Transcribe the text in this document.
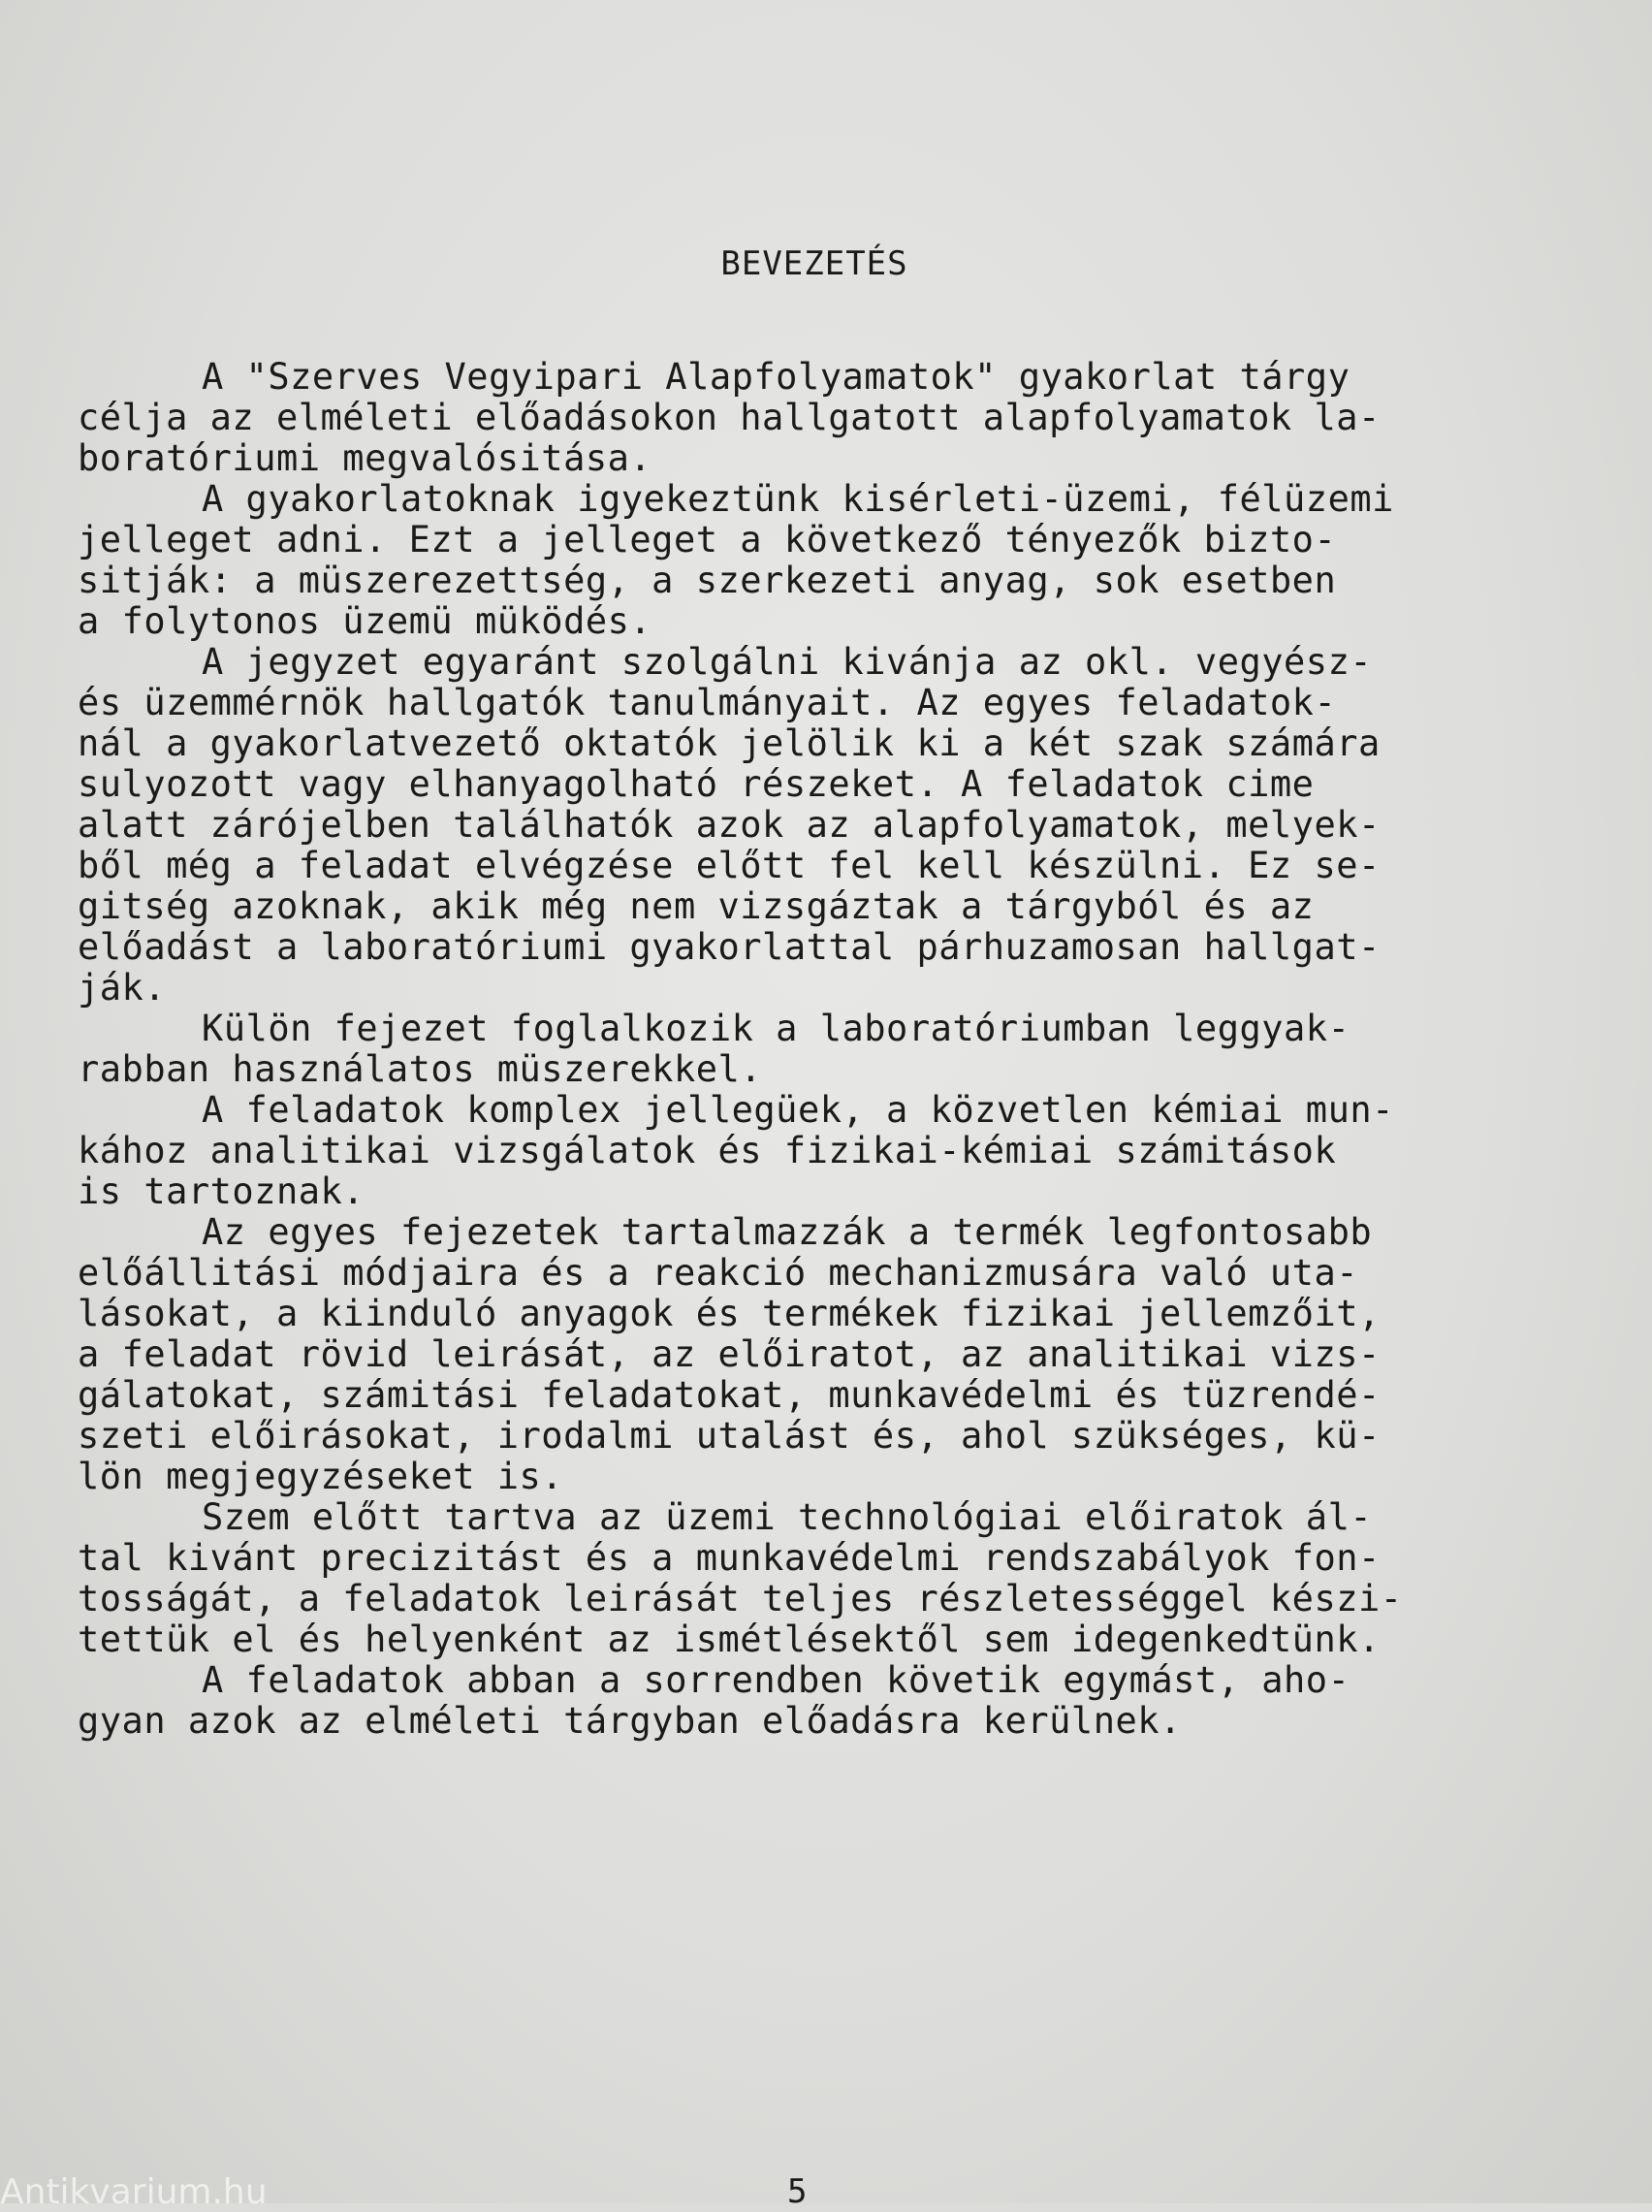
BEVEZETÉS
A "Szerves Vegyipari Alapfolyamatok" gyakorlat tárgy
célja az elméleti előadásokon hallgatott alapfolyamatok la-
boratóriumi megvalósitása.
A gyakorlatoknak igyekeztünk kisérleti-üzemi, félüzemi
jelleget adni. Ezt a jelleget a következő tényezők bizto-
sitják: a müszerezettség, a szerkezeti anyag, sok esetben
a folytonos üzemü müködés.
A jegyzet egyaránt szolgálni kivánja az okl. vegyész-
és üzemmérnök hallgatók tanulmányait. Az egyes feladatok-
nál a gyakorlatvezető oktatók jelölik ki a két szak számára
sulyozott vagy elhanyagolható részeket. A feladatok cime
alatt zárójelben találhatók azok az alapfolyamatok, melyek-
ből még a feladat elvégzése előtt fel kell készülni. Ez se-
gitség azoknak, akik még nem vizsgáztak a tárgyból és az
előadást a laboratóriumi gyakorlattal párhuzamosan hallgat-
ják.
Külön fejezet foglalkozik a laboratóriumban leggyak-
rabban használatos müszerekkel.
A feladatok komplex jellegüek, a közvetlen kémiai mun-
kához analitikai vizsgálatok és fizikai-kémiai számitások
is tartoznak.
Az egyes fejezetek tartalmazzák a termék legfontosabb
előállitási módjaira és a reakció mechanizmusára való uta-
lásokat, a kiinduló anyagok és termékek fizikai jellemzőit,
a feladat rövid leirását, az előiratot, az analitikai vizs-
gálatokat, számitási feladatokat, munkavédelmi és tüzrendé-
szeti előirásokat, irodalmi utalást és, ahol szükséges, kü-
lön megjegyzéseket is.
Szem előtt tartva az üzemi technológiai előiratok ál-
tal kivánt precizitást és a munkavédelmi rendszabályok fon-
tosságát, a feladatok leirását teljes részletességgel készi-
tettük el és helyenként az ismétlésektől sem idegenkedtünk.
A feladatok abban a sorrendben követik egymást, aho-
gyan azok az elméleti tárgyban előadásra kerülnek.
Antikvarium.hu	5
